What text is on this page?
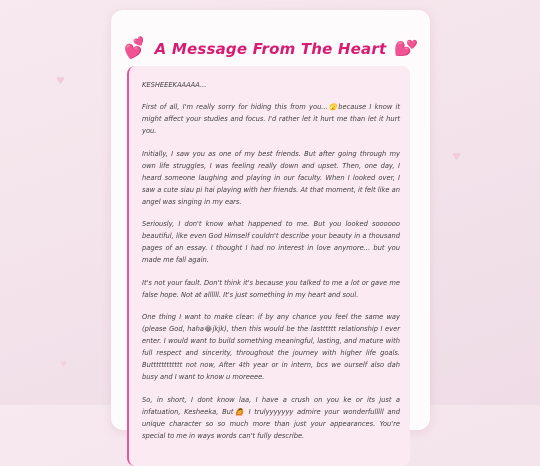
♥
♥
♥
💕 A Message From The Heart 💕

KESHEEEKAAAAA...

First of all, I'm really sorry for hiding this from you...🫣because I know it might affect your studies and focus. I'd rather let it hurt me than let it hurt you.

Initially, I saw you as one of my best friends. But after going through my own life struggles, I was feeling really down and upset. Then, one day, I heard someone laughing and playing in our faculty. When I looked over, I saw a cute siau pi hai playing with her friends. At that moment, it felt like an angel was singing in my ears.

Seriously, I don't know what happened to me. But you looked soooooo beautiful, like even God Himself couldn't describe your beauty in a thousand pages of an essay. I thought I had no interest in love anymore... but you made me fall again.

It's not your fault. Don't think it's because you talked to me a lot or gave me false hope. Not at allllll. It's just something in my heart and soul.

One thing I want to make clear: if by any chance you feel the same way (please God, haha😂jkjk), then this would be the lastttttt relationship I ever enter. I would want to build something meaningful, lasting, and mature with full respect and sincerity, throughout the journey with higher life goals. Butttttttttttt not now, After 4th year or in intern, bcs we ourself also dah busy and I want to know u moreeee.

So, in short, I dont know laa, I have a crush on you ke or its just a infatuation, Kesheeka, But🙆 I trulyyyyyyy admire your wonderfulllll and unique character so so much more than just your appearances. You're special to me in ways words can't fully describe.
